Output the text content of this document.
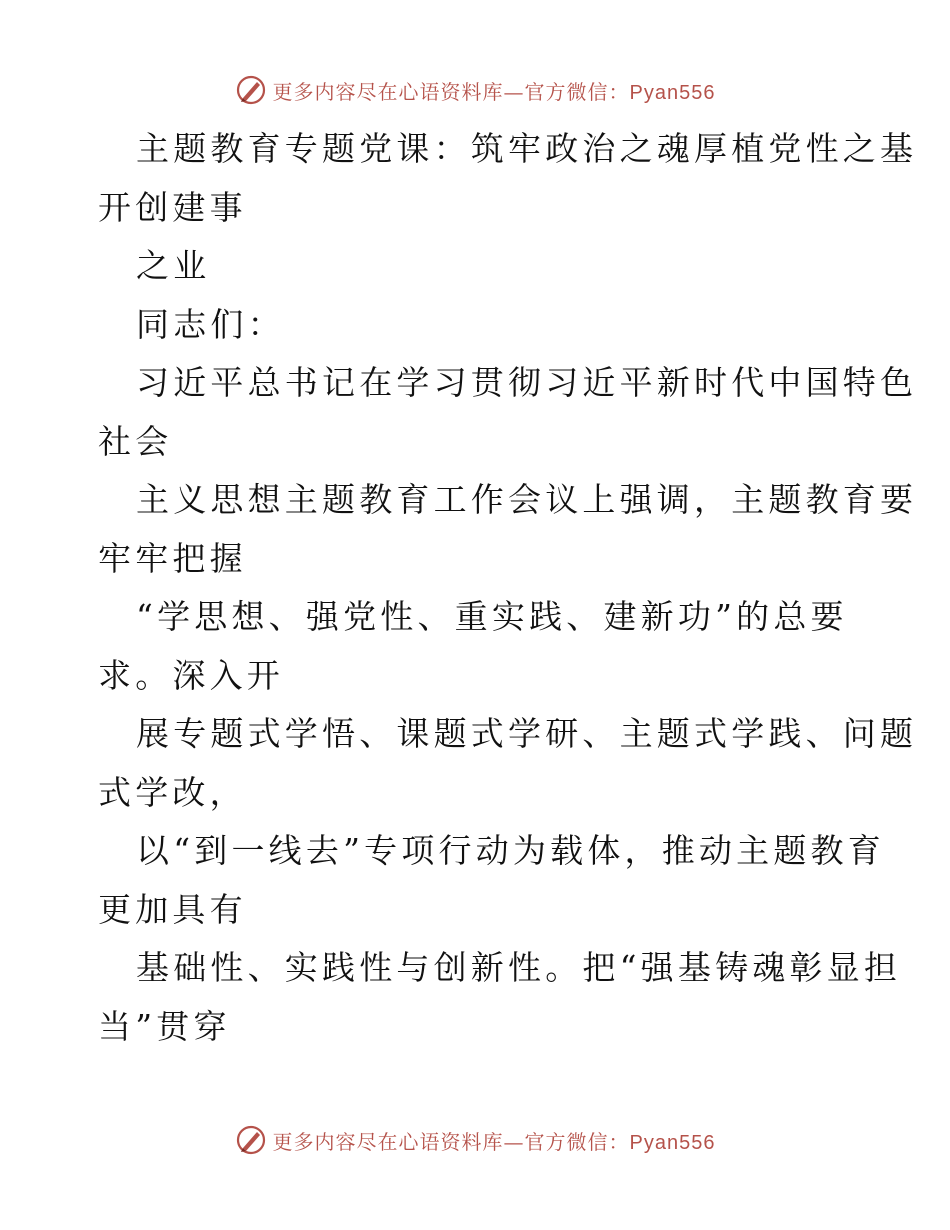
更多内容尽在心语资料库—官方微信：Pyan556
主题教育专题党课：筑牢政治之魂厚植党性之基
开创建事
之业
同志们：
习近平总书记在学习贯彻习近平新时代中国特色
社会
主义思想主题教育工作会议上强调，主题教育要
牢牢把握
“学思想、强党性、重实践、建新功”的总要
求。深入开
展专题式学悟、课题式学研、主题式学践、问题
式学改，
以“到一线去”专项行动为载体，推动主题教育
更加具有
基础性、实践性与创新性。把“强基铸魂彰显担
当”贯穿
更多内容尽在心语资料库—官方微信：Pyan556
